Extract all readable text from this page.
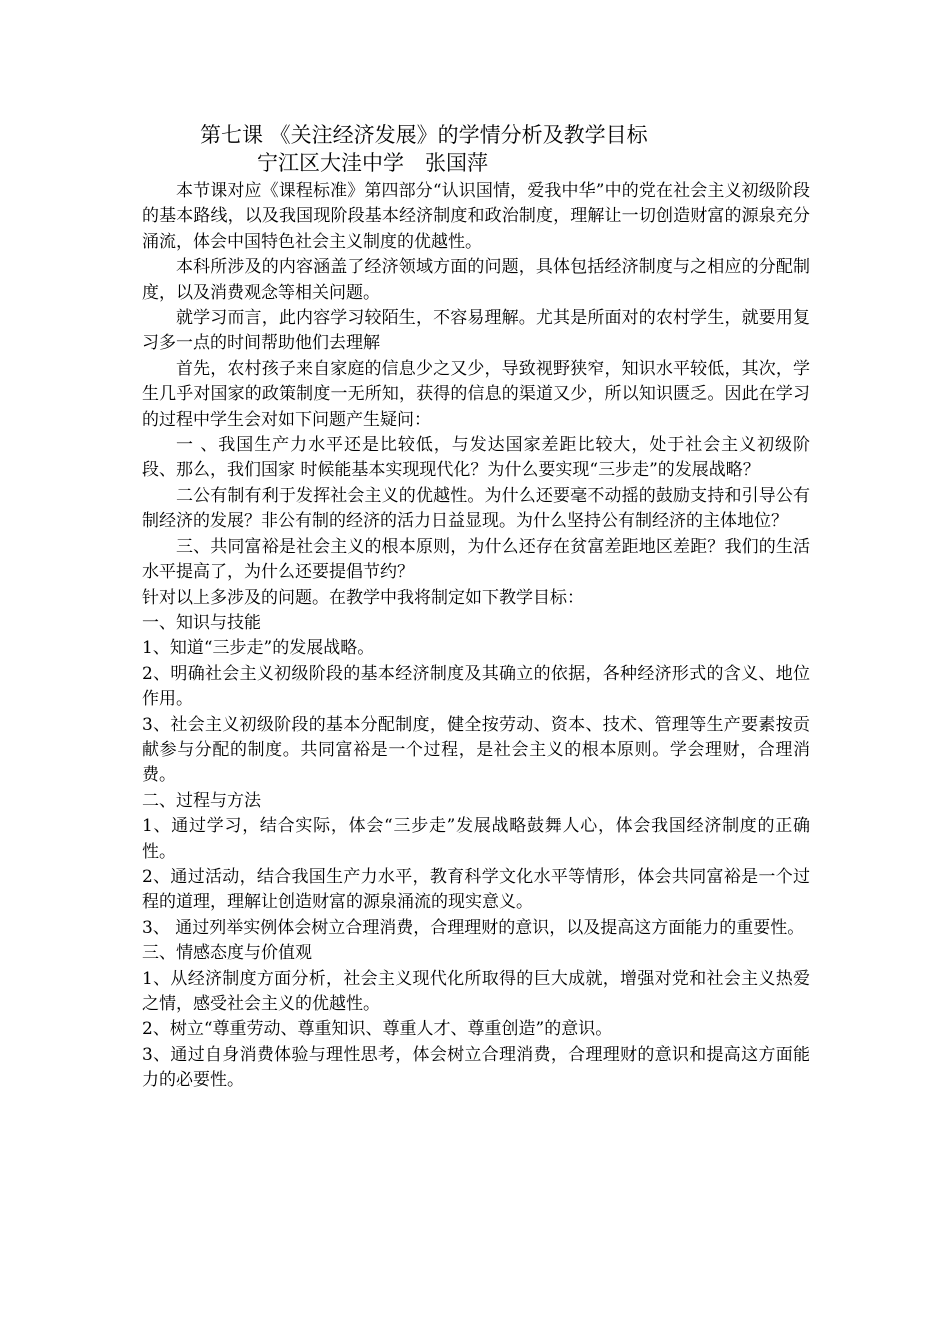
第七课 《关注经济发展》的学情分析及教学目标
宁江区大洼中学　张国萍

本节课对应《课程标准》第四部分“认识国情，爱我中华”中的党在社会主义初级阶段的基本路线，以及我国现阶段基本经济制度和政治制度，理解让一切创造财富的源泉充分涌流，体会中国特色社会主义制度的优越性。

本科所涉及的内容涵盖了经济领域方面的问题，具体包括经济制度与之相应的分配制度，以及消费观念等相关问题。

就学习而言，此内容学习较陌生，不容易理解。尤其是所面对的农村学生，就要用复习多一点的时间帮助他们去理解

首先，农村孩子来自家庭的信息少之又少，导致视野狭窄，知识水平较低，其次，学生几乎对国家的政策制度一无所知，获得的信息的渠道又少，所以知识匮乏。因此在学习的过程中学生会对如下问题产生疑问：

一 、我国生产力水平还是比较低，与发达国家差距比较大，处于社会主义初级阶段、那么，我们国家 时候能基本实现现代化？为什么要实现“三步走”的发展战略？

二公有制有利于发挥社会主义的优越性。为什么还要毫不动摇的鼓励支持和引导公有制经济的发展？非公有制的经济的活力日益显现。为什么坚持公有制经济的主体地位？

三、共同富裕是社会主义的根本原则，为什么还存在贫富差距地区差距？我们的生活水平提高了，为什么还要提倡节约？

针对以上多涉及的问题。在教学中我将制定如下教学目标：

一、知识与技能

1、知道“三步走”的发展战略。

2、明确社会主义初级阶段的基本经济制度及其确立的依据，各种经济形式的含义、地位作用。

3、社会主义初级阶段的基本分配制度，健全按劳动、资本、技术、管理等生产要素按贡献参与分配的制度。共同富裕是一个过程，是社会主义的根本原则。学会理财，合理消费。

二、过程与方法

1、通过学习，结合实际，体会“三步走”发展战略鼓舞人心，体会我国经济制度的正确性。

2、通过活动，结合我国生产力水平，教育科学文化水平等情形，体会共同富裕是一个过程的道理，理解让创造财富的源泉涌流的现实意义。

3、 通过列举实例体会树立合理消费，合理理财的意识，以及提高这方面能力的重要性。

三、情感态度与价值观

1、从经济制度方面分析，社会主义现代化所取得的巨大成就，增强对党和社会主义热爱之情，感受社会主义的优越性。

2、树立“尊重劳动、尊重知识、尊重人才、尊重创造”的意识。

3、通过自身消费体验与理性思考，体会树立合理消费，合理理财的意识和提高这方面能力的必要性。
